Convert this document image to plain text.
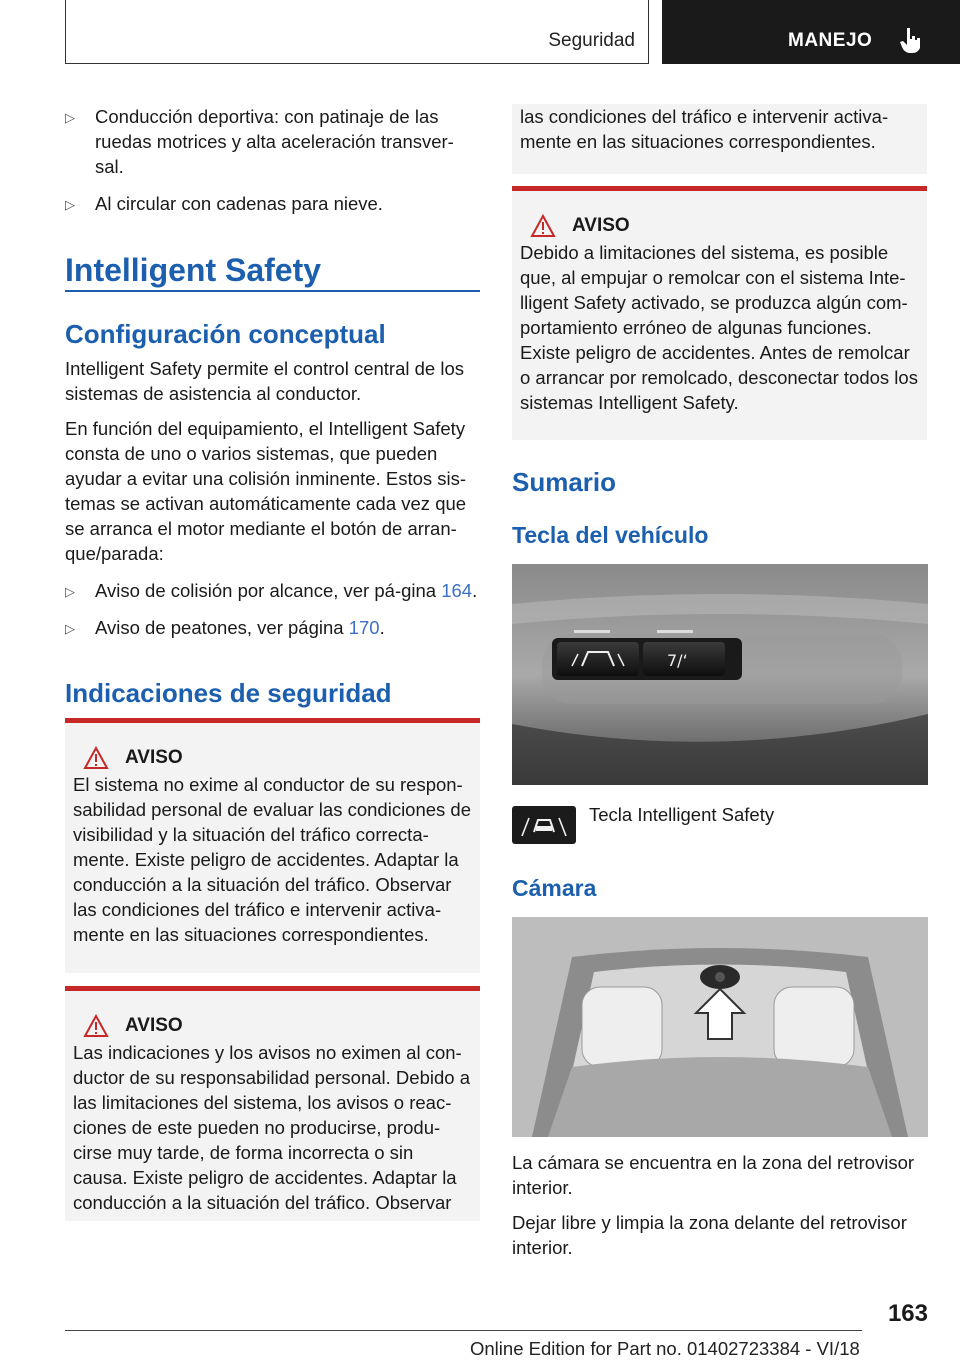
Seguridad	MANEJO
▷ Conducción deportiva: con patinaje de las ruedas motrices y alta aceleración transver-sal.
▷ Al circular con cadenas para nieve.
Intelligent Safety
Configuración conceptual

Intelligent Safety permite el control central de los sistemas de asistencia al conductor.

En función del equipamiento, el Intelligent Safety consta de uno o varios sistemas, que pueden ayudar a evitar una colisión inminente. Estos sis-temas se activan automáticamente cada vez que se arranca el motor mediante el botón de arran-que/parada:

▷ Aviso de colisión por alcance, ver pá-gina 164.
▷ Aviso de peatones, ver página 170.
Indicaciones de seguridad
AVISO
El sistema no exime al conductor de su respon-sabilidad personal de evaluar las condiciones de visibilidad y la situación del tráfico correcta-mente. Existe peligro de accidentes. Adaptar la conducción a la situación del tráfico. Observar las condiciones del tráfico e intervenir activa-mente en las situaciones correspondientes.
AVISO
Las indicaciones y los avisos no eximen al con-ductor de su responsabilidad personal. Debido a las limitaciones del sistema, los avisos o reac-ciones de este pueden no producirse, produ-cirse muy tarde, de forma incorrecta o sin causa. Existe peligro de accidentes. Adaptar la conducción a la situación del tráfico. Observar
las condiciones del tráfico e intervenir activa-mente en las situaciones correspondientes.
AVISO
Debido a limitaciones del sistema, es posible que, al empujar o remolcar con el sistema Inte-lligent Safety activado, se produzca algún com-portamiento erróneo de algunas funciones. Existe peligro de accidentes. Antes de remolcar o arrancar por remolcado, desconectar todos los sistemas Intelligent Safety.
Sumario
Tecla del vehículo
7/‘
Tecla Intelligent Safety
Cámara

La cámara se encuentra en la zona del retrovisor interior.

Dejar libre y limpia la zona delante del retrovisor interior.

163
Online Edition for Part no. 01402723384 - VI/18
